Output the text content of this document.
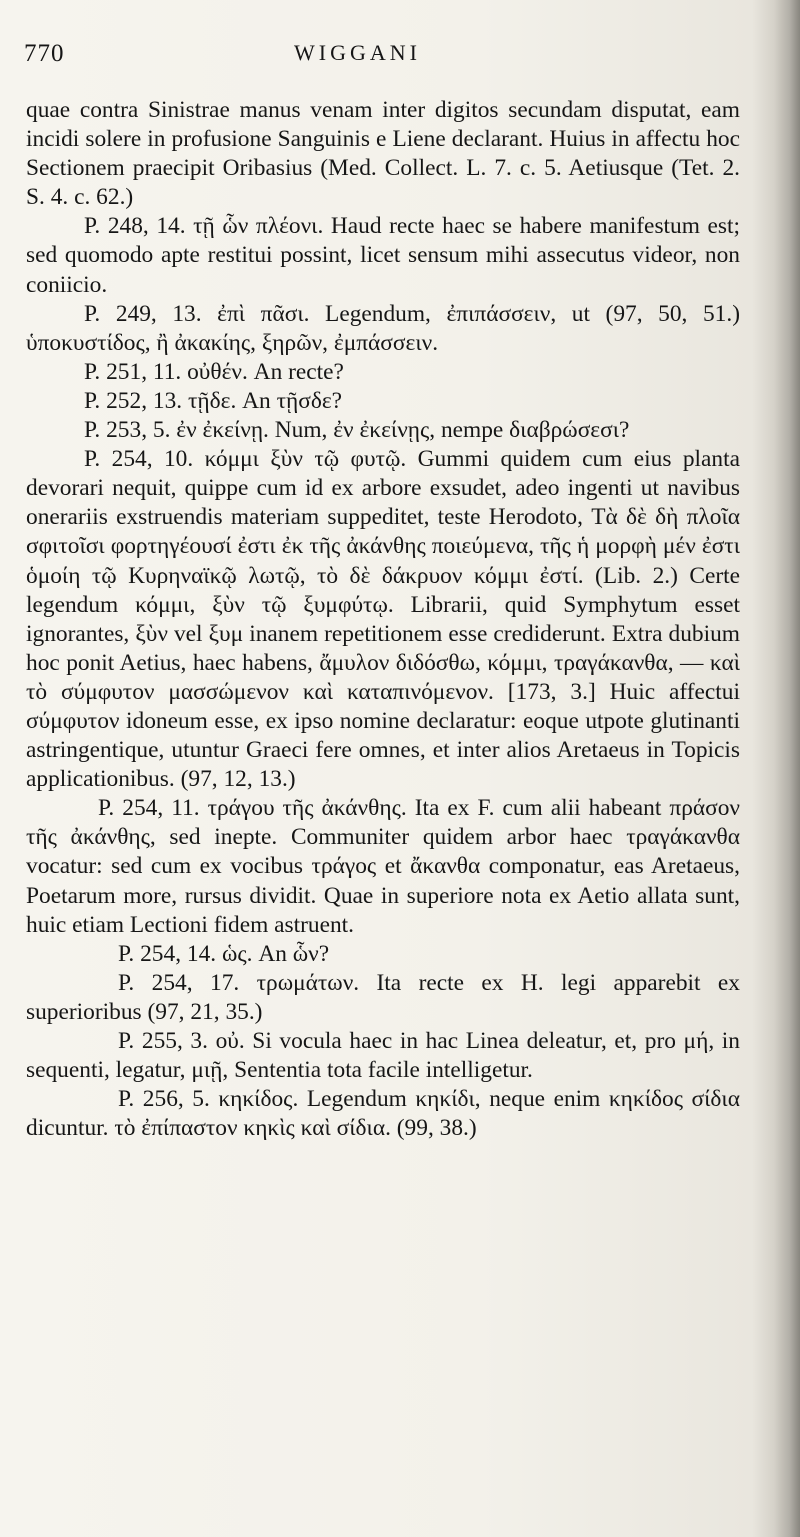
770	WIGGANI

quae contra Sinistrae manus venam inter digitos secundam disputat, eam incidi solere in profusione Sanguinis e Liene declarant. Huius in affectu hoc Sectionem praecipit Oribasius (Med. Collect. L. 7. c. 5. Aetiusque (Tet. 2. S. 4. c. 62.)

P. 248, 14. τῇ ὧν πλέονι. Haud recte haec se habere manifestum est; sed quomodo apte restitui possint, licet sensum mihi assecutus videor, non coniicio.

P. 249, 13. ἐπὶ πᾶσι. Legendum, ἐπιπάσσειν, ut (97, 50, 51.) ὑποκυστίδος, ἢ ἀκακίης, ξηρῶν, ἐμπάσσειν.

P. 251, 11. οὐθέν. An recte?

P. 252, 13. τῇδε. An τῇσδε?

P. 253, 5. ἐν ἐκείνῃ. Num, ἐν ἐκείνῃς, nempe διαβρώσεσι?

P. 254, 10. κόμμι ξὺν τῷ φυτῷ. Gummi quidem cum eius planta devorari nequit, quippe cum id ex arbore exsudet, adeo ingenti ut navibus onerariis exstruendis materiam suppeditet, teste Herodoto, Τὰ δὲ δὴ πλοῖα σφιτοῖσι φορτηγέουσί ἐστι ἐκ τῆς ἀκάνθης ποιεύμενα, τῆς ἡ μορφὴ μέν ἐστι ὁμοίη τῷ Κυρηναϊκῷ λωτῷ, τὸ δὲ δάκρυον κόμμι ἐστί. (Lib. 2.) Certe legendum κόμμι, ξὺν τῷ ξυμφύτῳ. Librarii, quid Symphytum esset ignorantes, ξὺν vel ξυμ inanem repetitionem esse crediderunt. Extra dubium hoc ponit Aetius, haec habens, ἄμυλον διδόσθω, κόμμι, τραγάκανθα, — καὶ τὸ σύμφυτον μασσώμενον καὶ καταπινόμενον. [173, 3.] Huic affectui σύμφυτον idoneum esse, ex ipso nomine declaratur: eoque utpote glutinanti astringentique, utuntur Graeci fere omnes, et inter alios Aretaeus in Topicis applicationibus. (97, 12, 13.)

P. 254, 11. τράγου τῆς ἀκάνθης. Ita ex F. cum alii habeant πράσον τῆς ἀκάνθης, sed inepte. Communiter quidem arbor haec τραγάκανθα vocatur: sed cum ex vocibus τράγος et ἄκανθα componatur, eas Aretaeus, Poetarum more, rursus dividit. Quae in superiore nota ex Aetio allata sunt, huic etiam Lectioni fidem astruent.

P. 254, 14. ὡς. An ὧν?

P. 254, 17. τρωμάτων. Ita recte ex H. legi apparebit ex superioribus (97, 21, 35.)

P. 255, 3. οὐ. Si vocula haec in hac Linea deleatur, et, pro μή, in sequenti, legatur, μιῇ, Sententia tota facile intelligetur.

P. 256, 5. κηκίδος. Legendum κηκίδι, neque enim κηκίδος σίδια dicuntur. τὸ ἐπίπαστον κηκὶς καὶ σίδια. (99, 38.)
